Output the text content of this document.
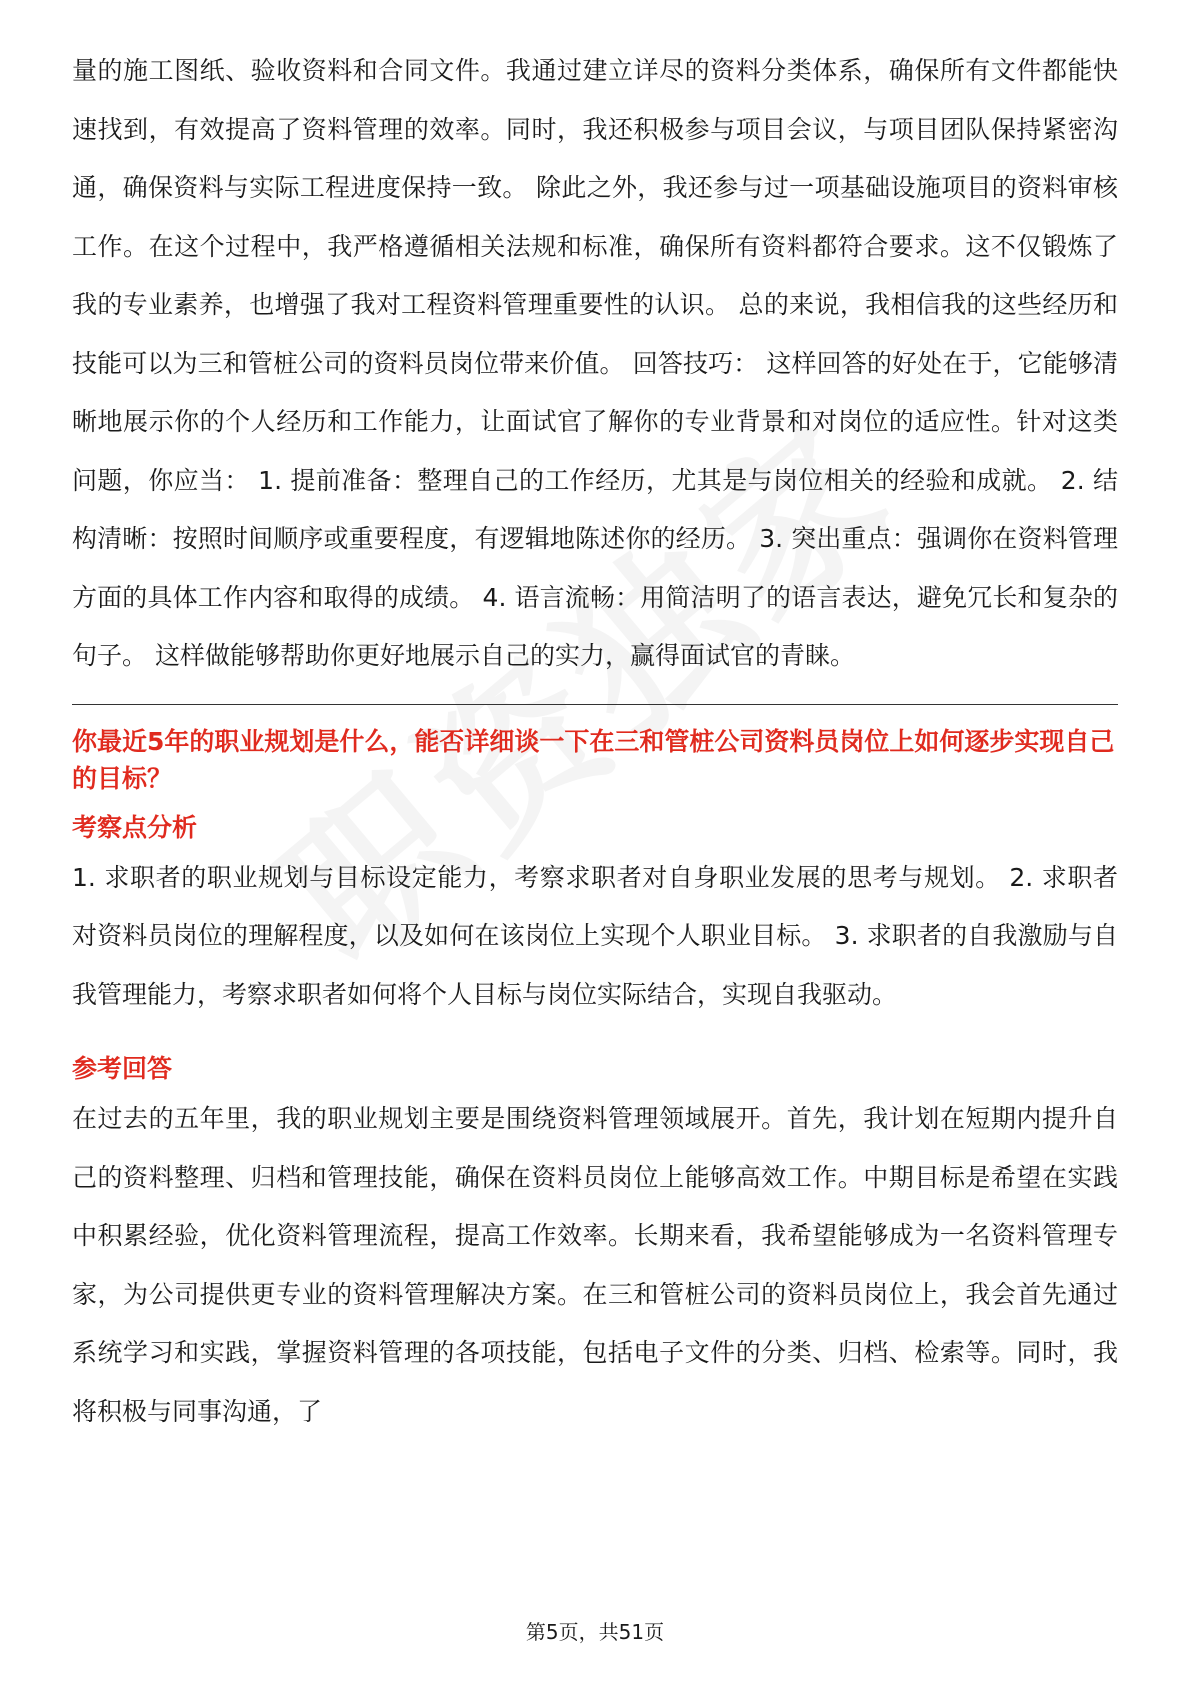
量的施工图纸、验收资料和合同文件。我通过建立详尽的资料分类体系，确保所有文件都能快速找到，有效提高了资料管理的效率。同时，我还积极参与项目会议，与项目团队保持紧密沟通，确保资料与实际工程进度保持一致。 除此之外，我还参与过一项基础设施项目的资料审核工作。在这个过程中，我严格遵循相关法规和标准，确保所有资料都符合要求。这不仅锻炼了我的专业素养，也增强了我对工程资料管理重要性的认识。 总的来说，我相信我的这些经历和技能可以为三和管桩公司的资料员岗位带来价值。 回答技巧： 这样回答的好处在于，它能够清晰地展示你的个人经历和工作能力，让面试官了解你的专业背景和对岗位的适应性。针对这类问题，你应当： 1. 提前准备：整理自己的工作经历，尤其是与岗位相关的经验和成就。 2. 结构清晰：按照时间顺序或重要程度，有逻辑地陈述你的经历。 3. 突出重点：强调你在资料管理方面的具体工作内容和取得的成绩。 4. 语言流畅：用简洁明了的语言表达，避免冗长和复杂的句子。 这样做能够帮助你更好地展示自己的实力，赢得面试官的青睐。

你最近5年的职业规划是什么，能否详细谈一下在三和管桩公司资料员岗位上如何逐步实现自己的目标？

考察点分析

1. 求职者的职业规划与目标设定能力，考察求职者对自身职业发展的思考与规划。 2. 求职者对资料员岗位的理解程度，以及如何在该岗位上实现个人职业目标。 3. 求职者的自我激励与自我管理能力，考察求职者如何将个人目标与岗位实际结合，实现自我驱动。

参考回答

在过去的五年里，我的职业规划主要是围绕资料管理领域展开。首先，我计划在短期内提升自己的资料整理、归档和管理技能，确保在资料员岗位上能够高效工作。中期目标是希望在实践中积累经验，优化资料管理流程，提高工作效率。长期来看，我希望能够成为一名资料管理专家，为公司提供更专业的资料管理解决方案。在三和管桩公司的资料员岗位上，我会首先通过系统学习和实践，掌握资料管理的各项技能，包括电子文件的分类、归档、检索等。同时，我将积极与同事沟通，了

第5页，共51页
